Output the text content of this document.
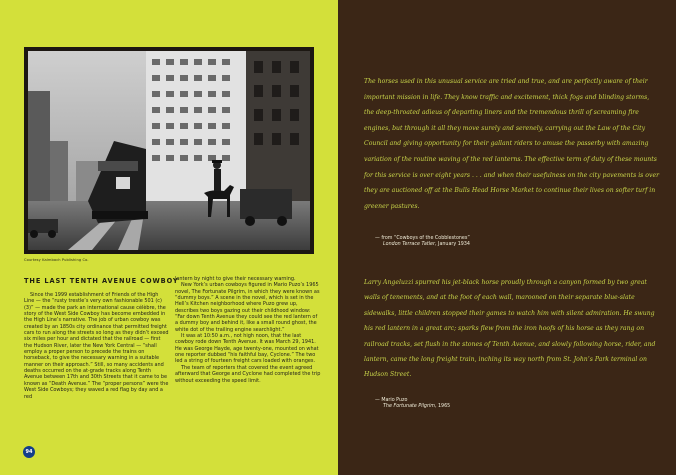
Courtesy Kalmbach Publishing Co.
THE LAST TENTH AVENUE COWBOY

Since the 1999 establishment of Friends of the High Line — the “rusty trestle’s very own fashionable 501 (c)(3)” — made the park an international cause célèbre, the story of the West Side Cowboy has become embedded in the High Line’s narrative. The job of urban cowboy was created by an 1850s city ordinance that permitted freight cars to run along the streets so long as they didn’t exceed six miles per hour and dictated that the railroad — first the Hudson River, later the New York Central — “shall employ a proper person to precede the trains on horseback, to give the necessary warning in a suitable manner on their approach.” Still, so many accidents and deaths occurred on the at-grade tracks along Tenth Avenue between 17th and 30th Streets that it came to be known as “Death Avenue.” The “proper persons” were the West Side Cowboys; they waved a red flag by day and a red

lantern by night to give their necessary warning.

New York’s urban cowboys figured in Mario Puzo’s 1965 novel, The Fortunate Pilgrim, in which they were known as “dummy boys.” A scene in the novel, which is set in the Hell’s Kitchen neighborhood where Puzo grew up, describes two boys gazing out their childhood window: “Far down Tenth Avenue they could see the red lantern of a dummy boy and behind it, like a small round ghost, the white dot of the trailing engine searchlight.”

It was at 10:50 a.m., not high noon, that the last cowboy rode down Tenth Avenue. It was March 29, 1941. He was George Hayde, age twenty-one, mounted on what one reporter dubbed “his faithful bay, Cyclone.” The two led a string of fourteen freight cars loaded with oranges.

The team of reporters that covered the event agreed afterward that George and Cyclone had completed the trip without exceeding the speed limit.

94

The horses used in this unusual service are tried and true, and are perfectly aware of their important mission in life. They know traffic and excitement, thick fogs and blinding storms, the deep-throated adieus of departing liners and the tremendous thrill of screaming fire engines, but through it all they move surely and serenely, carrying out the Law of the City Council and giving opportunity for their gallant riders to amuse the passerby with amazing variation of the routine waving of the red lanterns. The effective term of duty of these mounts for this service is over eight years . . . and when their usefulness on the city pavements is over they are auctioned off at the Bulls Head Horse Market to continue their lives on softer turf in greener pastures.

— from “Cowboys of the Cobblestones”
London Terrace Tatler, January 1934

Larry Angeluzzi spurred his jet-black horse proudly through a canyon formed by two great walls of tenements, and at the foot of each wall, marooned on their separate blue-slate sidewalks, little children stopped their games to watch him with silent admiration. He swung his red lantern in a great arc; sparks flew from the iron hoofs of his horse as they rang on railroad tracks, set flush in the stones of Tenth Avenue, and slowly following horse, rider, and lantern, came the long freight train, inching its way north from St. John’s Park terminal on Hudson Street.

— Mario Puzo
The Fortunate Pilgrim, 1965
